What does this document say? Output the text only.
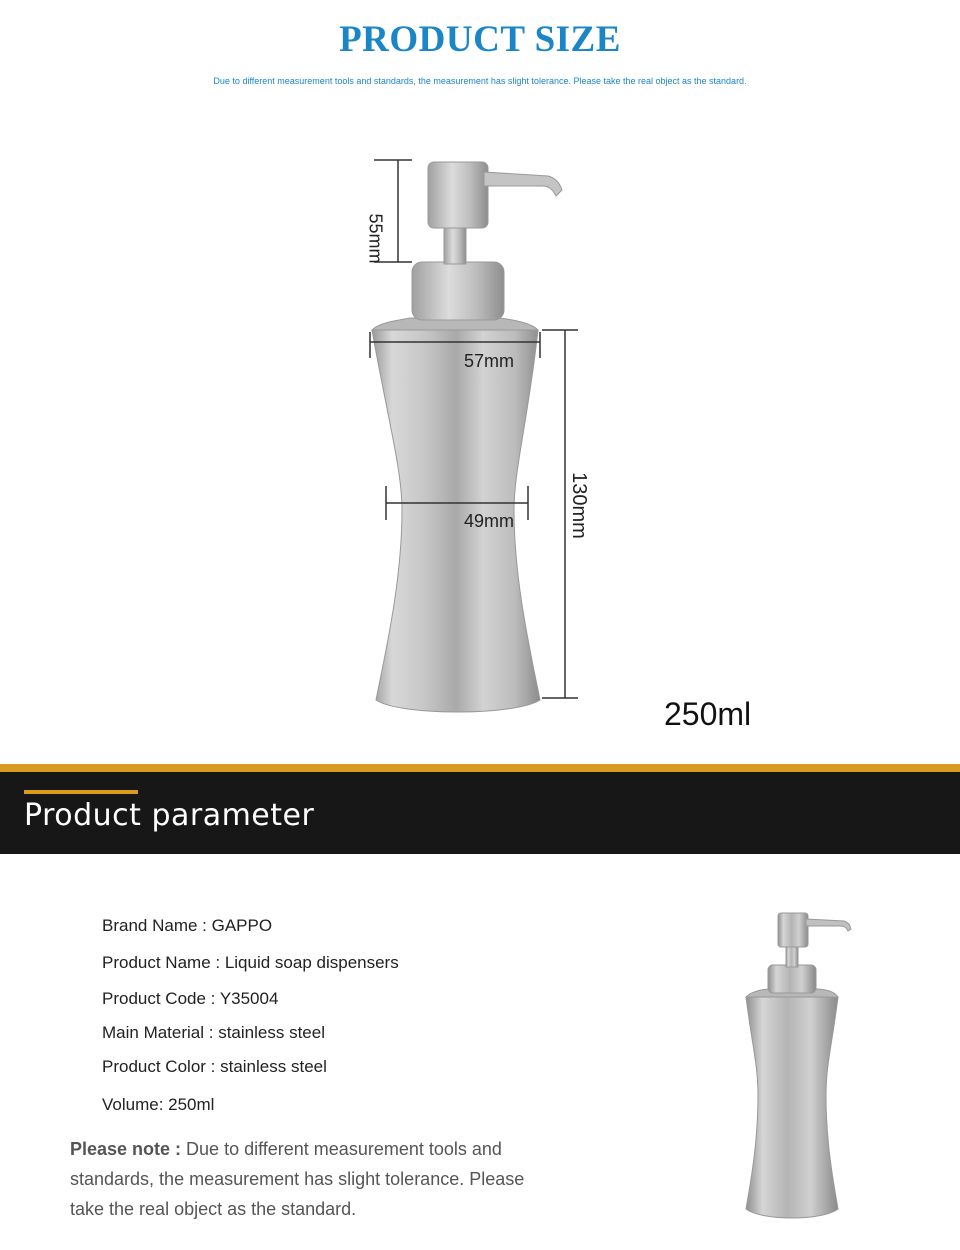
PRODUCT SIZE
Due to different measurement tools and standards, the measurement has slight tolerance. Please take the real object as the standard.
55mm
57mm
49mm	130mm
250ml
Product parameter
Brand Name : GAPPO
Product Name : Liquid soap dispensers
Product Code : Y35004
Main Material : stainless steel
Product Color : stainless steel
Volume: 250ml
Please note : Due to different measurement tools and standards, the measurement has slight tolerance. Please take the real object as the standard.
